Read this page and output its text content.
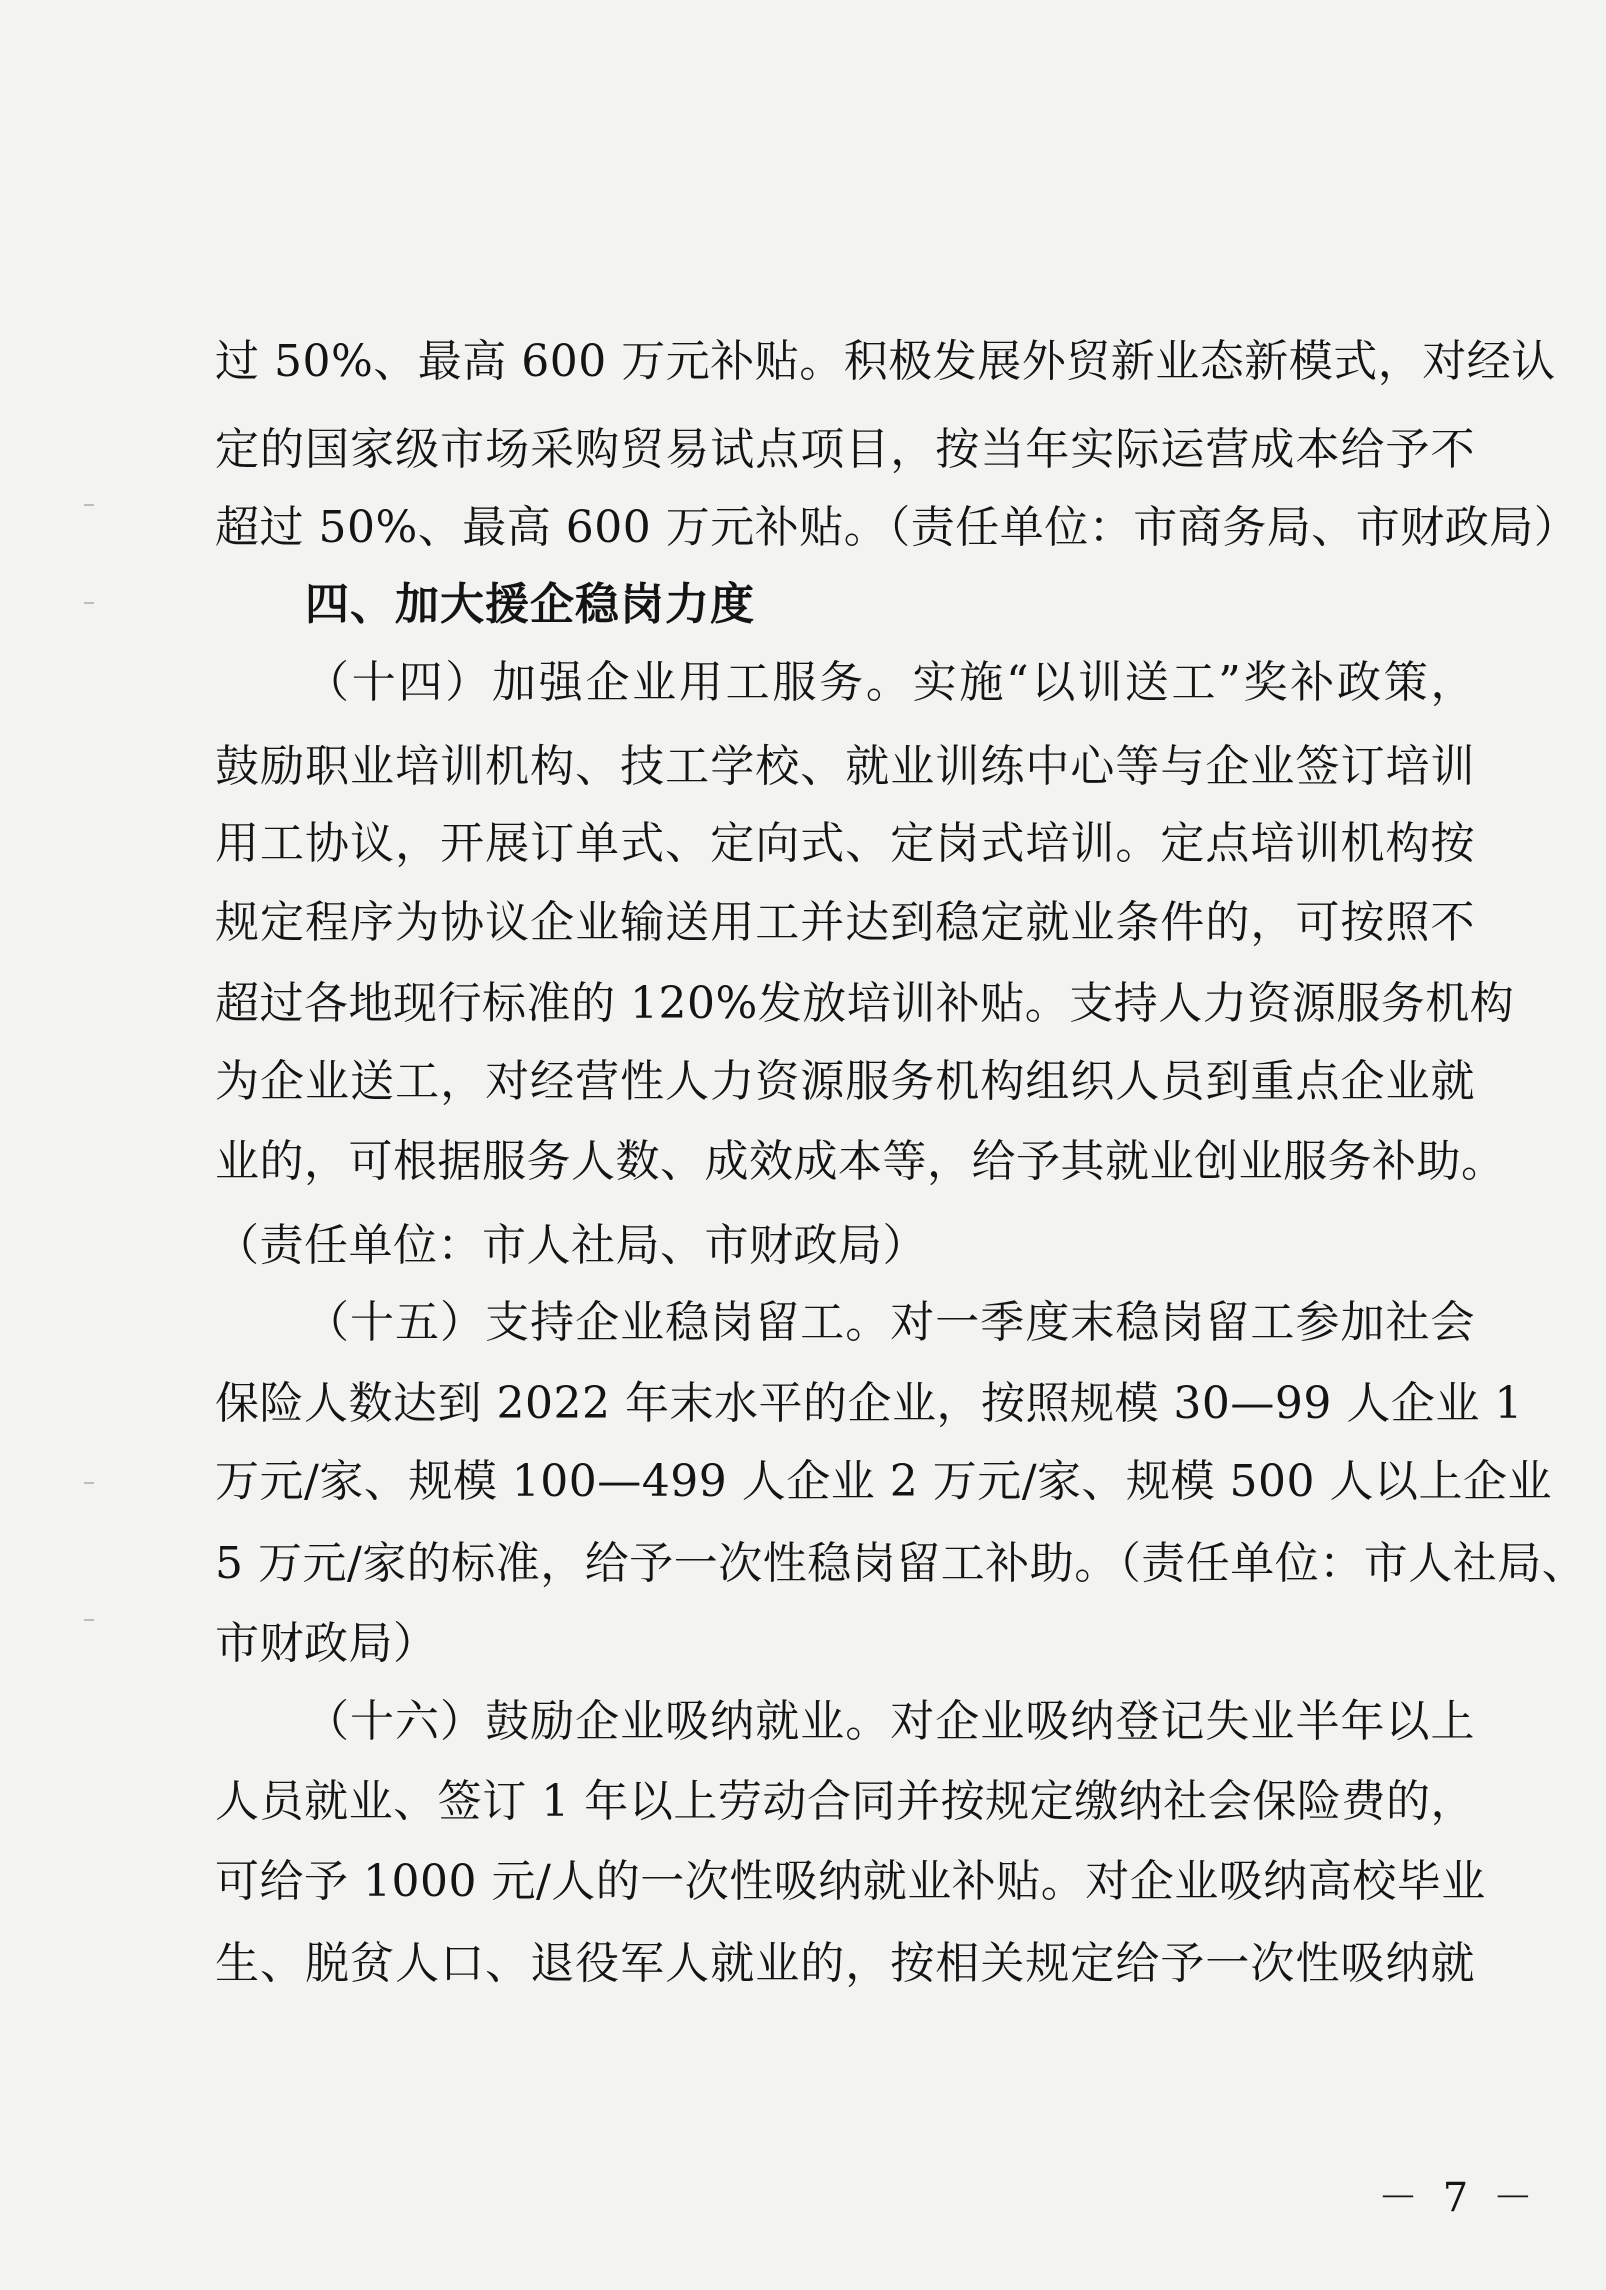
过 50%、最高 600 万元补贴。积极发展外贸新业态新模式，对经认
定的国家级市场采购贸易试点项目，按当年实际运营成本给予不
超过 50%、最高 600 万元补贴。（责任单位：市商务局、市财政局）
四、加大援企稳岗力度
（十四）加强企业用工服务。实施“以训送工”奖补政策，
鼓励职业培训机构、技工学校、就业训练中心等与企业签订培训
用工协议，开展订单式、定向式、定岗式培训。定点培训机构按
规定程序为协议企业输送用工并达到稳定就业条件的，可按照不
超过各地现行标准的 120%发放培训补贴。支持人力资源服务机构
为企业送工，对经营性人力资源服务机构组织人员到重点企业就
业的，可根据服务人数、成效成本等，给予其就业创业服务补助。
（责任单位：市人社局、市财政局）
（十五）支持企业稳岗留工。对一季度末稳岗留工参加社会
保险人数达到 2022 年末水平的企业，按照规模 30—99 人企业 1
万元/家、规模 100—499 人企业 2 万元/家、规模 500 人以上企业
5 万元/家的标准，给予一次性稳岗留工补助。（责任单位：市人社局、
市财政局）
（十六）鼓励企业吸纳就业。对企业吸纳登记失业半年以上
人员就业、签订 1 年以上劳动合同并按规定缴纳社会保险费的，
可给予 1000 元/人的一次性吸纳就业补贴。对企业吸纳高校毕业
生、脱贫人口、退役军人就业的，按相关规定给予一次性吸纳就
－ 7 －
